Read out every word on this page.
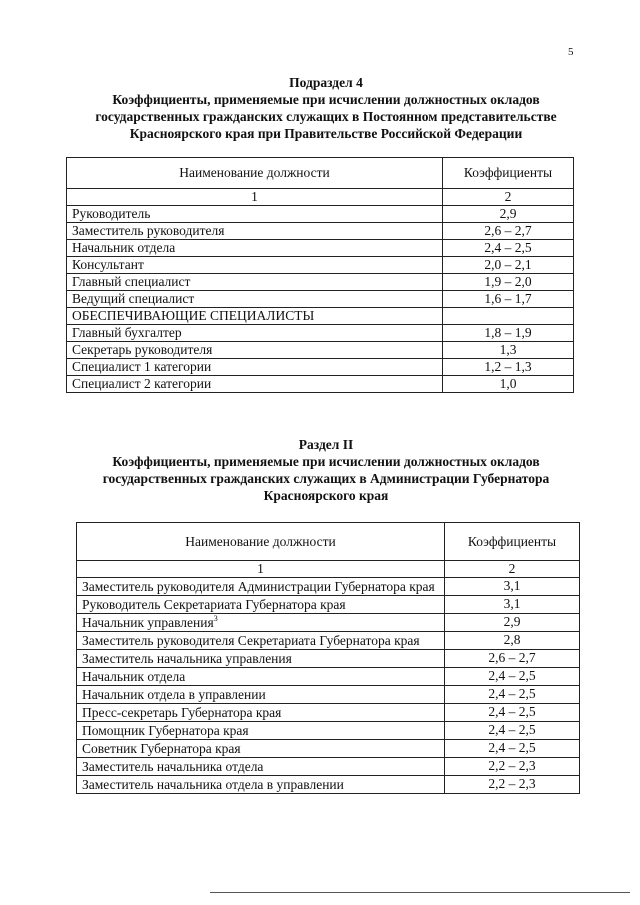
5
Подраздел 4
Коэффициенты, применяемые при исчислении должностных окладов
государственных гражданских служащих в Постоянном представительстве
Красноярского края при Правительстве Российской Федерации
Наименование должности	Коэффициенты
1	2
Руководитель	2,9
Заместитель руководителя	2,6 – 2,7
Начальник отдела	2,4 – 2,5
Консультант	2,0 – 2,1
Главный специалист	1,9 – 2,0
Ведущий специалист	1,6 – 1,7
ОБЕСПЕЧИВАЮЩИЕ СПЕЦИАЛИСТЫ	
Главный бухгалтер	1,8 – 1,9
Секретарь руководителя	1,3
Специалист 1 категории	1,2 – 1,3
Специалист 2 категории	1,0
Раздел II
Коэффициенты, применяемые при исчислении должностных окладов
государственных гражданских служащих в Администрации Губернатора
Красноярского края
Наименование должности	Коэффициенты
1	2
Заместитель руководителя Администрации Губернатора края	3,1
Руководитель Секретариата Губернатора края	3,1
Начальник управления$^3$	2,9
Заместитель руководителя Секретариата Губернатора края	2,8
Заместитель начальника управления	2,6 – 2,7
Начальник отдела	2,4 – 2,5
Начальник отдела в управлении	2,4 – 2,5
Пресс-секретарь Губернатора края	2,4 – 2,5
Помощник Губернатора края	2,4 – 2,5
Советник Губернатора края	2,4 – 2,5
Заместитель начальника отдела	2,2 – 2,3
Заместитель начальника отдела в управлении	2,2 – 2,3
